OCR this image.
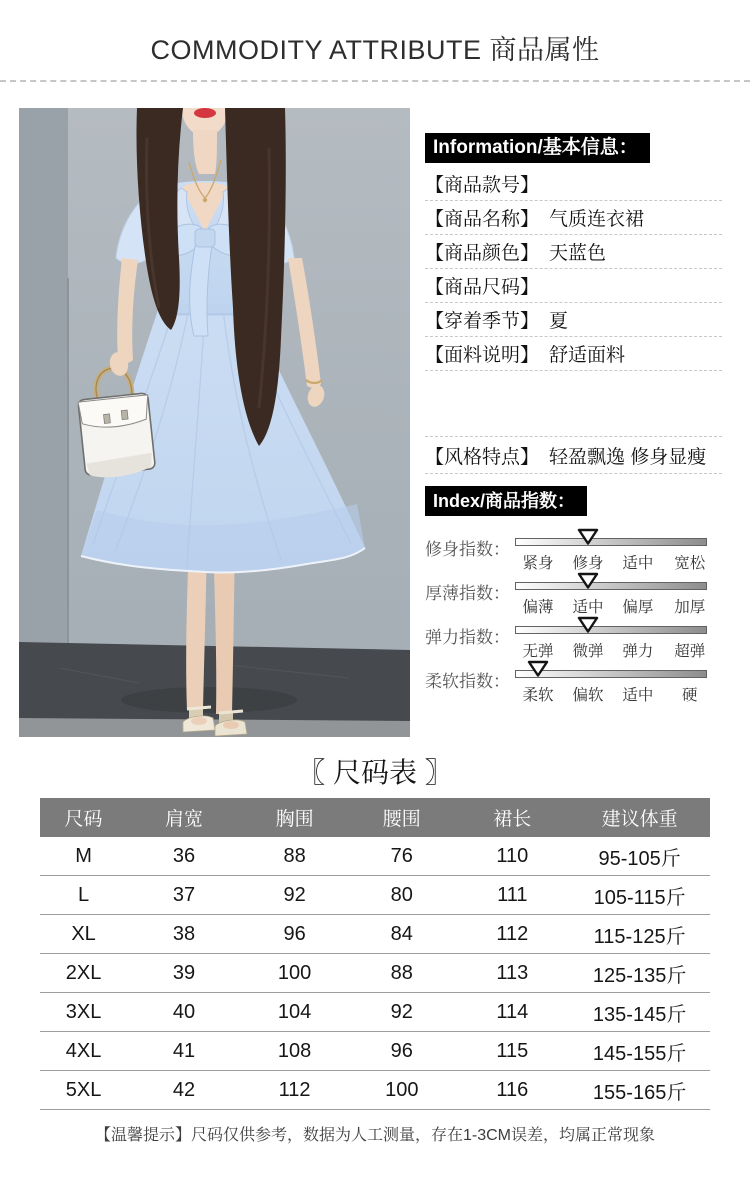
COMMODITY ATTRIBUTE 商品属性
Information/基本信息：
【商品款号】
【商品名称】 气质连衣裙
【商品颜色】 天蓝色
【商品尺码】
【穿着季节】 夏
【面料说明】 舒适面料
【风格特点】 轻盈飘逸 修身显瘦
Index/商品指数：
修身指数：
紧身 修身 适中 宽松
厚薄指数：
偏薄 适中 偏厚 加厚
弹力指数：
无弹 微弹 弹力 超弹
柔软指数：
柔软 偏软 适中 硬
〖 尺码表 〗
尺码	肩宽	胸围	腰围	裙长	建议体重
M	36	88	76	110	95-105斤
L	37	92	80	111	105-115斤
XL	38	96	84	112	115-125斤
2XL	39	100	88	113	125-135斤
3XL	40	104	92	114	135-145斤
4XL	41	108	96	115	145-155斤
5XL	42	112	100	116	155-165斤
【温馨提示】尺码仅供参考，数据为人工测量，存在1-3CM误差，均属正常现象
